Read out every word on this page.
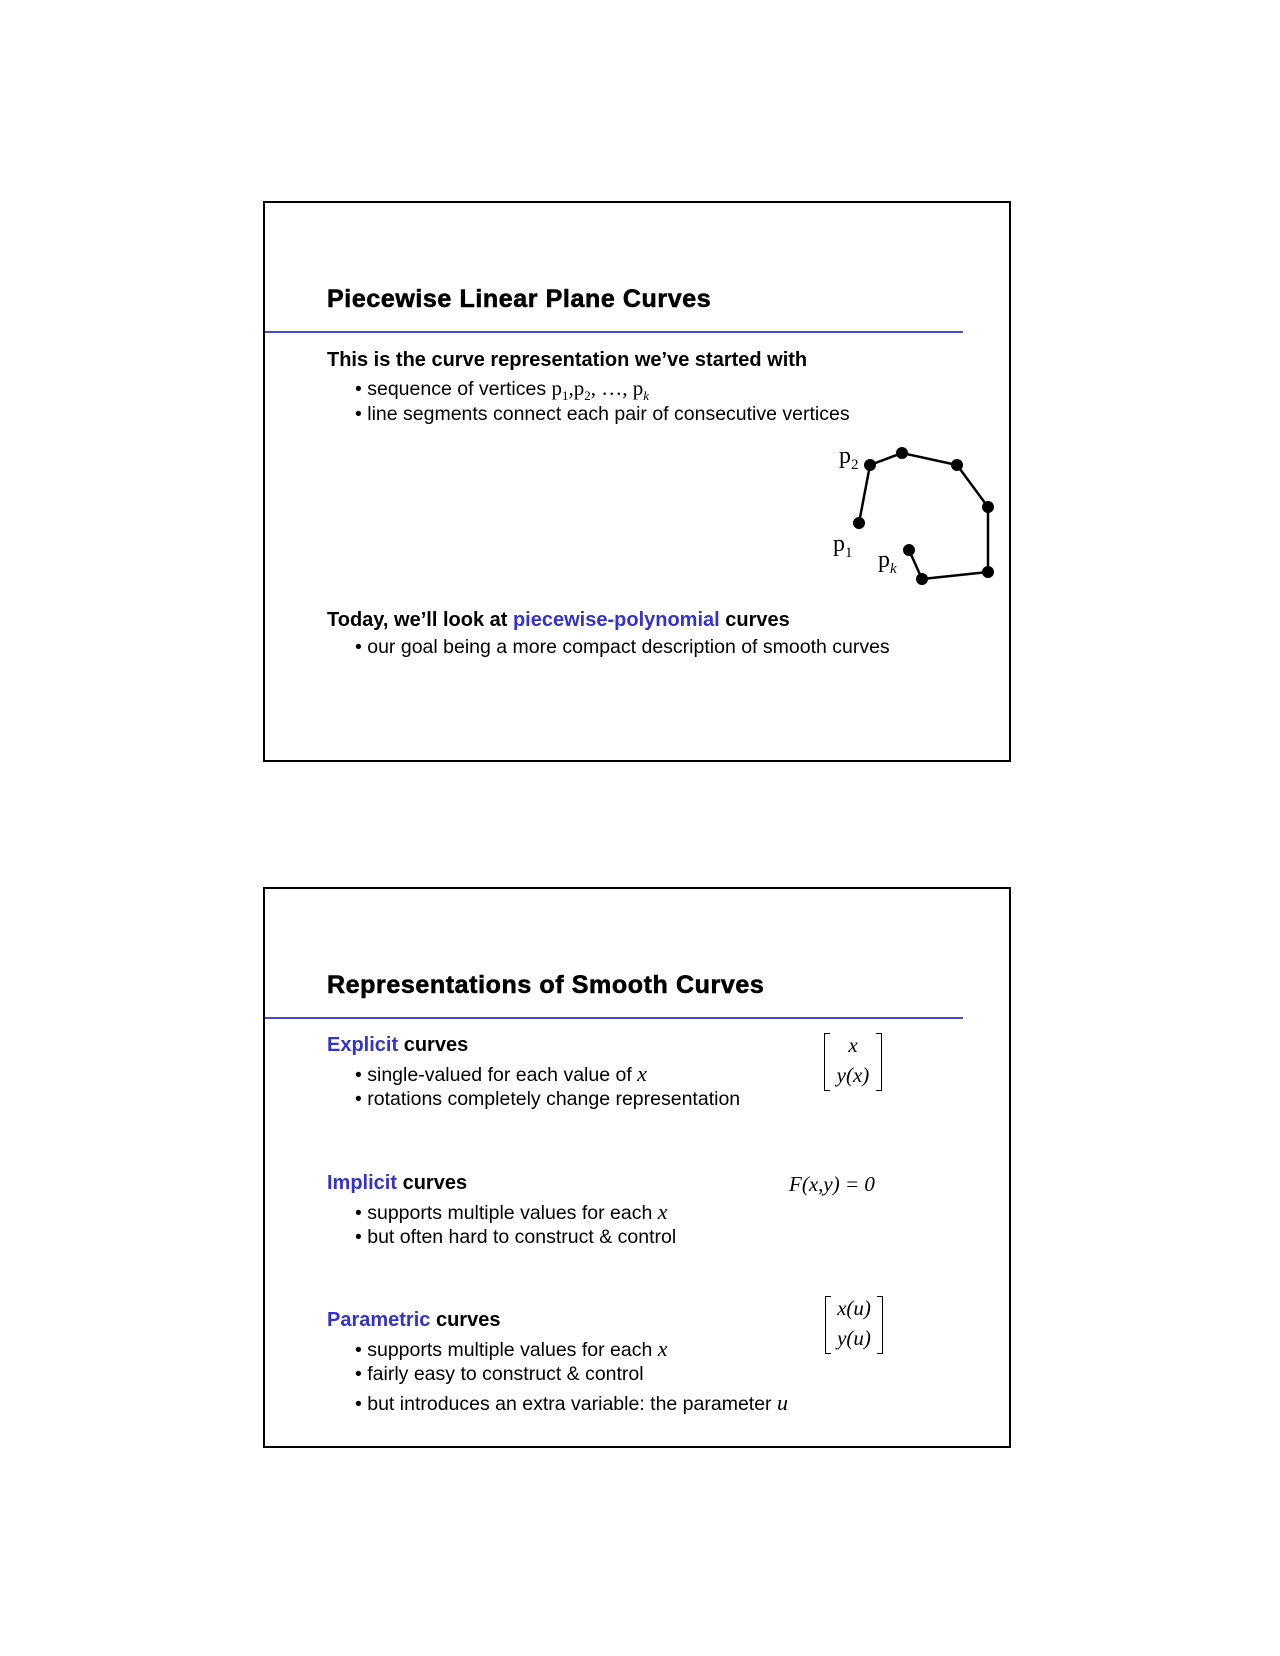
Piecewise Linear Plane Curves
This is the curve representation we’ve started with
• sequence of vertices $p_1,p_2$, …, $p_k$
• line segments connect each pair of consecutive vertices
$p_2$
$p_1$ $p_k$
Today, we’ll look at piecewise-polynomial curves
• our goal being a more compact description of smooth curves
Representations of Smooth Curves
Explicit curves
• single-valued for each value of x
• rotations completely change representation
x
y(x)
Implicit curves
• supports multiple values for each x
• but often hard to construct & control
F(x,y) = 0
Parametric curves
• supports multiple values for each x
• fairly easy to construct & control
• but introduces an extra variable: the parameter u
x(u)
y(u)
